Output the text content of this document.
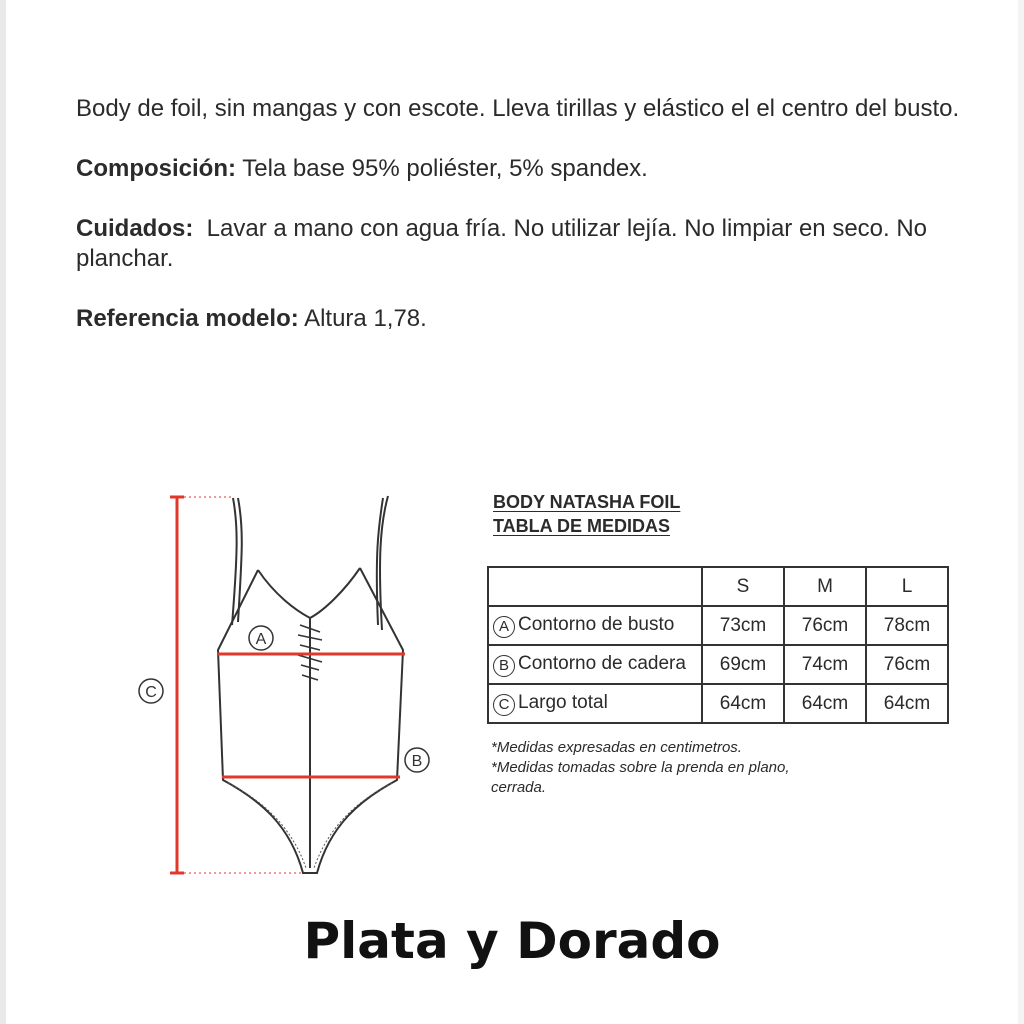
Body de foil, sin mangas y con escote. Lleva tirillas y elástico el el centro del busto.

Composición: Tela base 95% poliéster, 5% spandex.

Cuidados: Lavar a mano con agua fría. No utilizar lejía. No limpiar en seco. No planchar.

Referencia modelo: Altura 1,78.

A
B
C
BODY NATASHA FOIL
TABLA DE MEDIDAS
	S	M	L
A Contorno de busto	73cm	76cm	78cm
B Contorno de cadera	69cm	74cm	76cm
C Largo total	64cm	64cm	64cm
*Medidas expresadas en centimetros.
*Medidas tomadas sobre la prenda en plano, cerrada.
Plata y Dorado
